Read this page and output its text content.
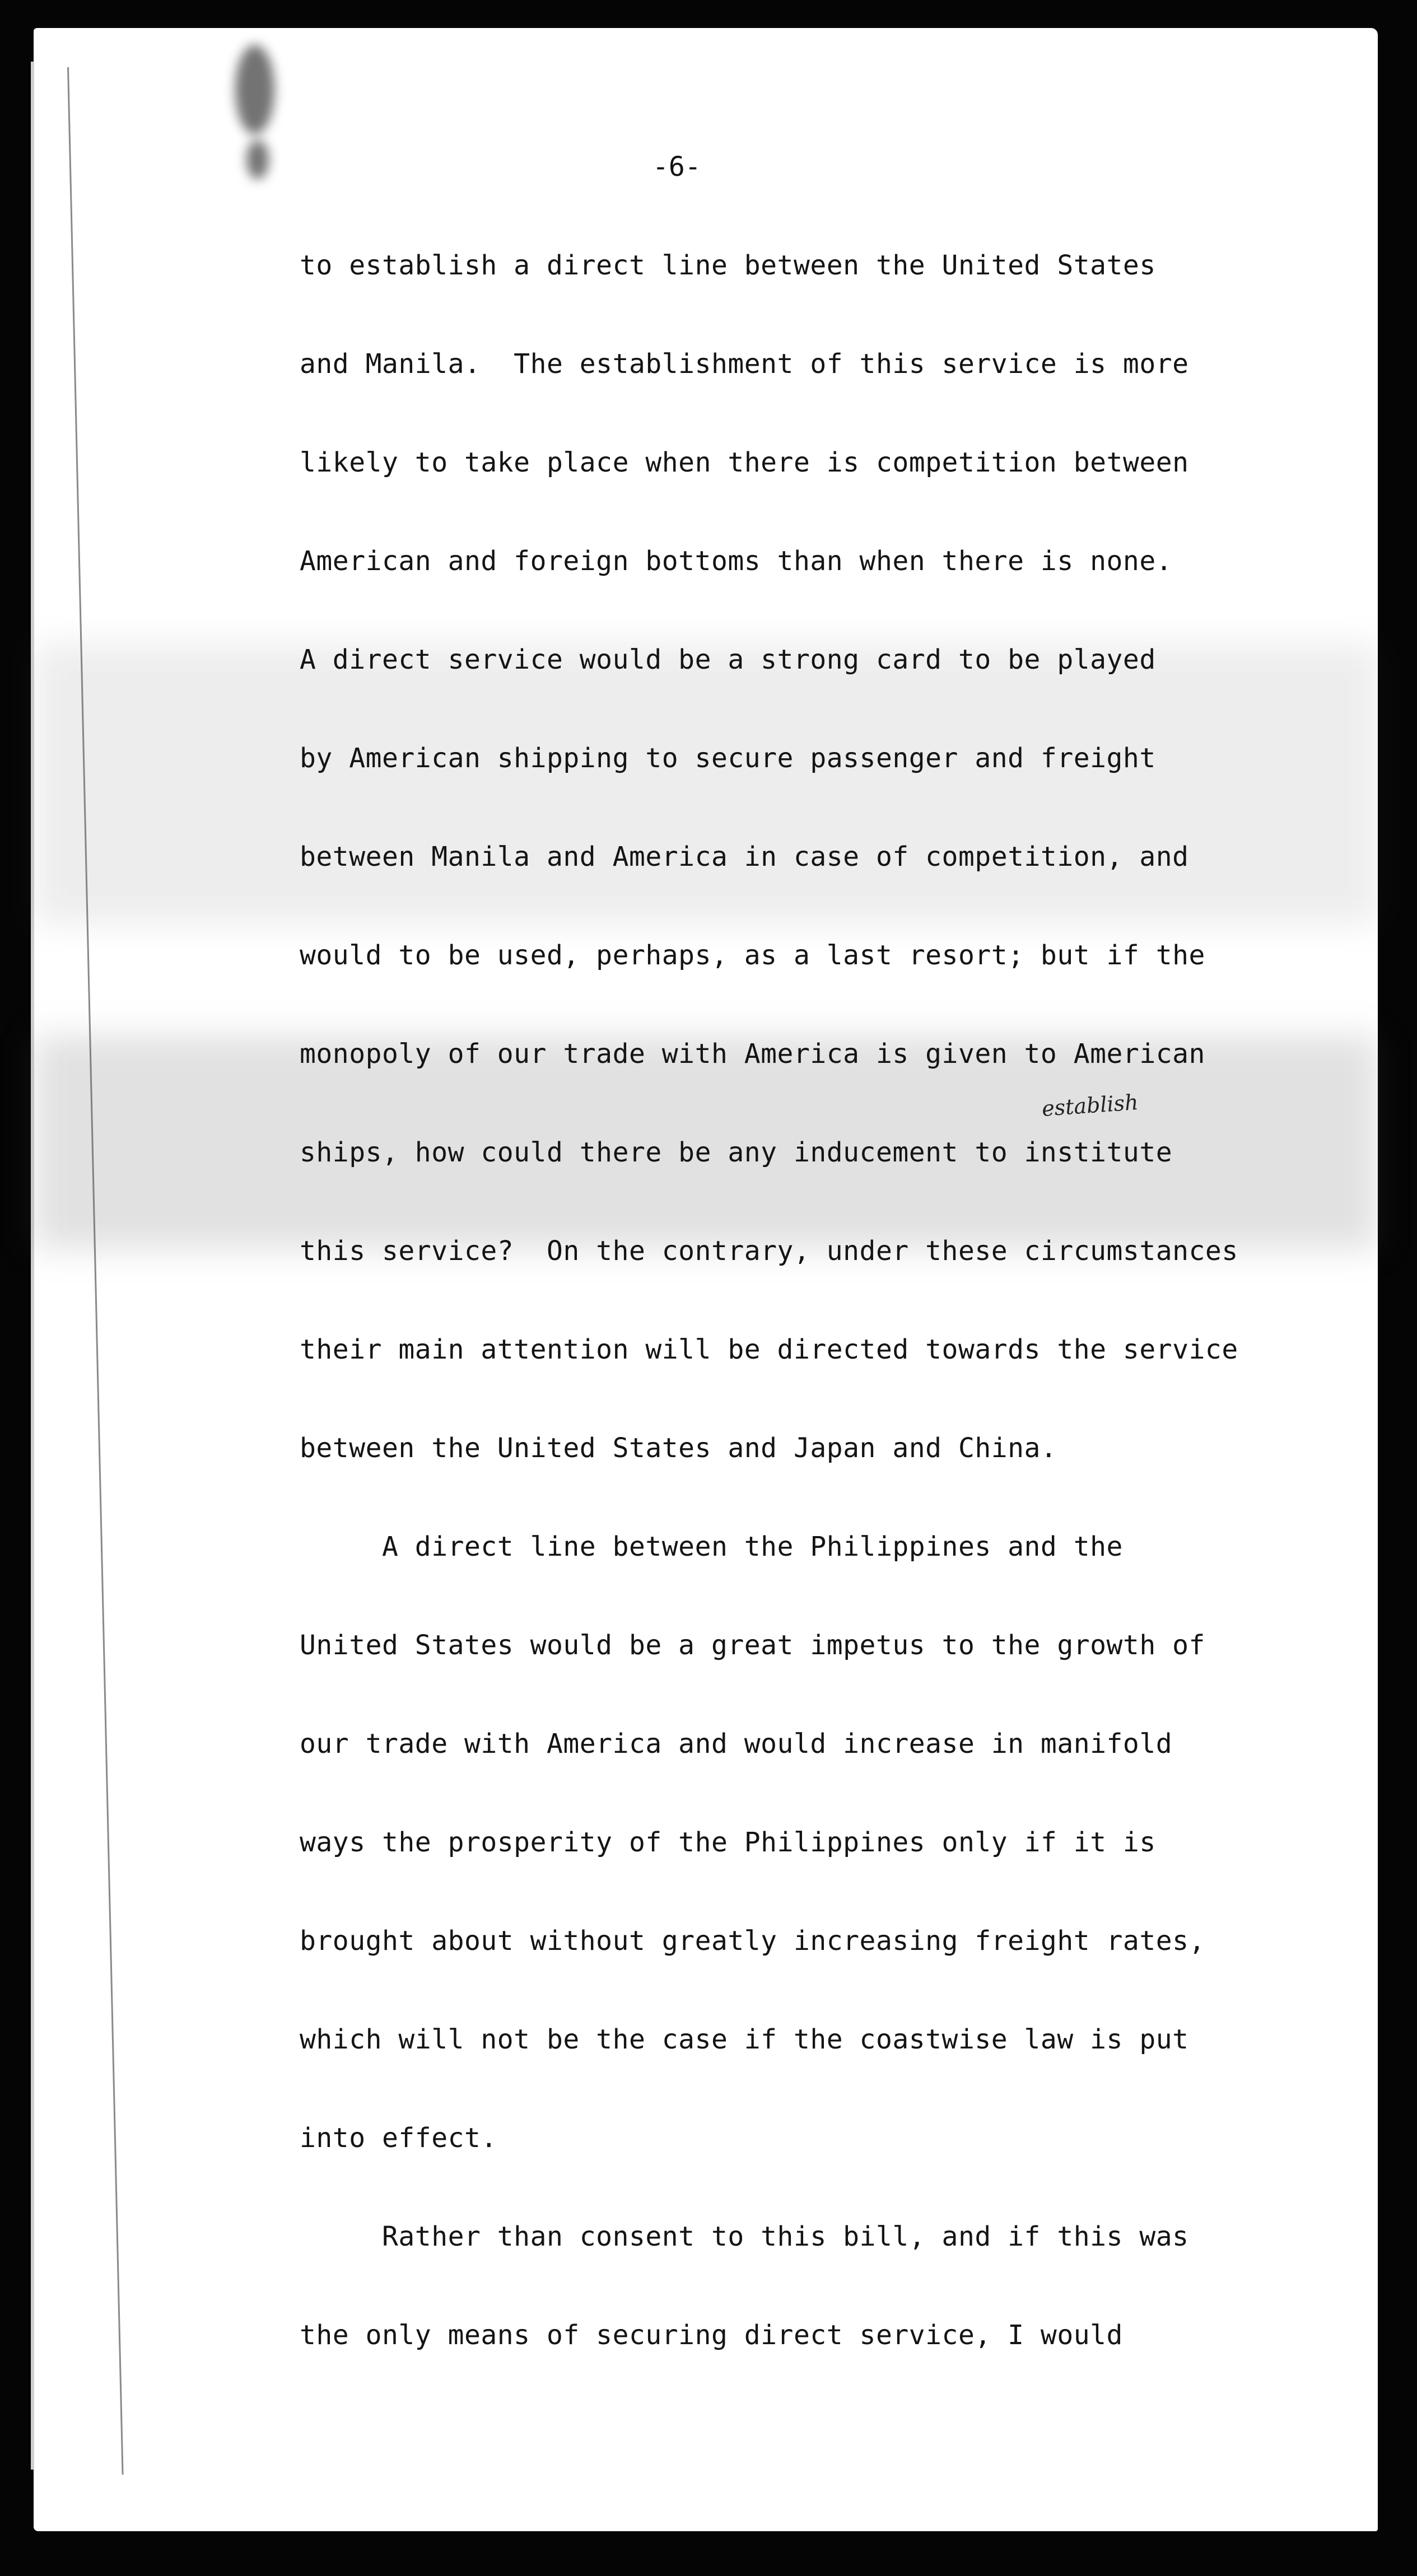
-6-
to establish a direct line between the United States
and Manila.  The establishment of this service is more
likely to take place when there is competition between
American and foreign bottoms than when there is none.
A direct service would be a strong card to be played
by American shipping to secure passenger and freight
between Manila and America in case of competition, and
would to be used, perhaps, as a last resort; but if the
monopoly of our trade with America is given to American
ships, how could there be any inducement to institute
this service?  On the contrary, under these circumstances
their main attention will be directed towards the service
between the United States and Japan and China.
A direct line between the Philippines and the
United States would be a great impetus to the growth of
our trade with America and would increase in manifold
ways the prosperity of the Philippines only if it is
brought about without greatly increasing freight rates,
which will not be the case if the coastwise law is put
into effect.
Rather than consent to this bill, and if this was
the only means of securing direct service, I would
establish
